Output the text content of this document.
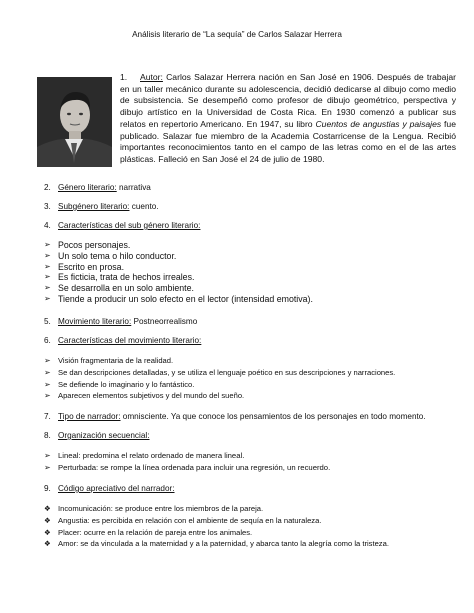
Análisis literario de “La sequía” de Carlos Salazar Herrera
1. Autor: Carlos Salazar Herrera nación en San José en 1906. Después de trabajar en un taller mecánico durante su adolescencia, decidió dedicarse al dibujo como medio de subsistencia. Se desempeñó como profesor de dibujo geométrico, perspectiva y dibujo artístico en la Universidad de Costa Rica. En 1930 comenzó a publicar sus relatos en repertorio Americano. En 1947, su libro Cuentos de angustias y paisajes fue publicado. Salazar fue miembro de la Academia Costarricense de la Lengua. Recibió importantes reconocimientos tanto en el campo de las letras como en el de las artes plásticas. Falleció en San José el 24 de julio de 1980.
2. Género literario: narrativa
3. Subgénero literario: cuento.
4. Características del sub género literario:
➢ Pocos personajes.
➢ Un solo tema o hilo conductor.
➢ Escrito en prosa.
➢ Es ficticia, trata de hechos irreales.
➢ Se desarrolla en un solo ambiente.
➢ Tiende a producir un solo efecto en el lector (intensidad emotiva).
5. Movimiento literario: Postneorrealismo
6. Características del movimiento literario:
➢ Visión fragmentaria de la realidad.
➢ Se dan descripciones detalladas, y se utiliza el lenguaje poético en sus descripciones y narraciones.
➢ Se defiende lo imaginario y lo fantástico.
➢ Aparecen elementos subjetivos y del mundo del sueño.
7. Tipo de narrador: omnisciente. Ya que conoce los pensamientos de los personajes en todo momento.
8. Organización secuencial:
➢ Lineal: predomina el relato ordenado de manera lineal.
➢ Perturbada: se rompe la línea ordenada para incluir una regresión, un recuerdo.
9. Código apreciativo del narrador:
❖ Incomunicación: se produce entre los miembros de la pareja.
❖ Angustia: es percibida en relación con el ambiente de sequía en la naturaleza.
❖ Placer: ocurre en la relación de pareja entre los animales.
❖ Amor: se da vinculada a la maternidad y a la paternidad, y abarca tanto la alegría como la tristeza.
